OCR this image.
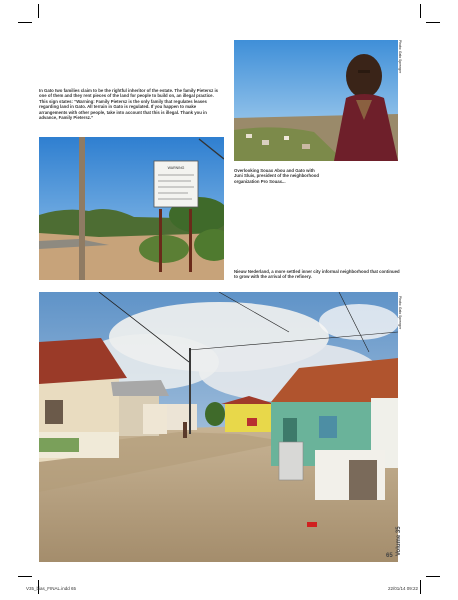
In Gato two families claim to be the rightful inheritor of the estate. The family Pietersz is one of them and they rent pieces of the land for people to build on, an illegal practice. This sign states: “Warning: Family Pietersz is the only family that regulates leases regarding land in Gato. All terrain in Gato is regulated. If you happen to make arrangements with other people, take into account that this is illegal. Thank you in advance, Family Pietersz.”
WARNING
Photo: Gato Sprenger
Overlooking Souax Abou and Gato with Juni Sluis, president of the neighborhood organization Pro Souax...
Nieuw Nederland, a more settled inner city informal neighborhood that continued to grow with the arrival of the refinery.
Photo: Gato Sprenger
Volume 35
65
V35_bias_FINAL.indd 65	22/01/14 09:22
